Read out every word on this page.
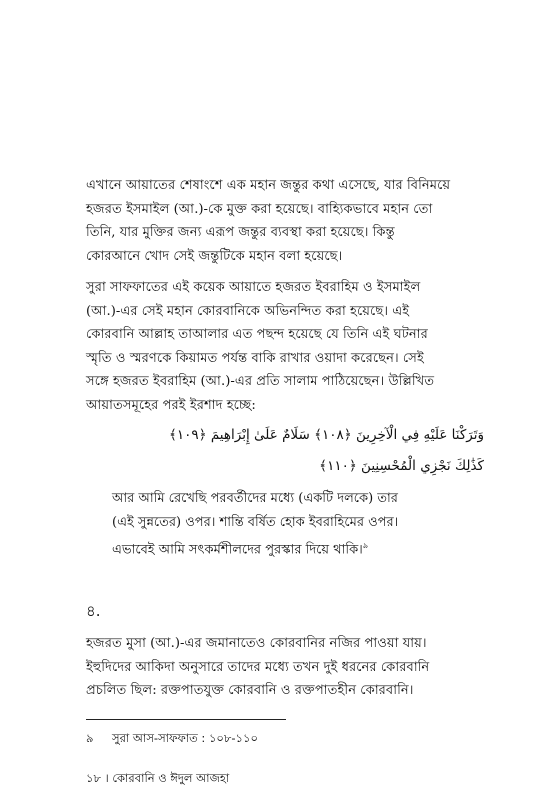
এখানে আয়াতের শেষাংশে এক মহান জন্তুর কথা এসেছে, যার বিনিময়ে
হজরত ইসমাইল (আ.)-কে মুক্ত করা হয়েছে। বাহ্যিকভাবে মহান তো
তিনি, যার মুক্তির জন্য এরূপ জন্তুর ব্যবস্থা করা হয়েছে। কিন্তু
কোরআনে খোদ সেই জন্তুটিকে মহান বলা হয়েছে।

সুরা সাফফাতের এই কয়েক আয়াতে হজরত ইবরাহিম ও ইসমাইল
(আ.)-এর সেই মহান কোরবানিকে অভিনন্দিত করা হয়েছে। এই
কোরবানি আল্লাহ তাআলার এত পছন্দ হয়েছে যে তিনি এই ঘটনার
স্মৃতি ও স্মরণকে কিয়ামত পর্যন্ত বাকি রাখার ওয়াদা করেছেন। সেই
সঙ্গে হজরত ইবরাহিম (আ.)-এর প্রতি সালাম পাঠিয়েছেন। উল্লিখিত
আয়াতসমূহের পরই ইরশাদ হচ্ছে:

وَتَرَكْنَا عَلَيْهِ فِي الْآخِرِينَ ﴿١٠٨﴾ سَلَامٌ عَلَىٰ إِبْرَاهِيمَ ﴿١٠٩﴾
كَذَٰلِكَ نَجْزِي الْمُحْسِنِينَ ﴿١١٠﴾
আর আমি রেখেছি পরবর্তীদের মধ্যে (একটি দলকে) তার
(এই সুন্নতের) ওপর। শান্তি বর্ষিত হোক ইবরাহিমের ওপর।
এভাবেই আমি সৎকর্মশীলদের পুরস্কার দিয়ে থাকি।$^৯$
৪.

হজরত মুসা (আ.)-এর জমানাতেও কোরবানির নজির পাওয়া যায়।
ইহুদিদের আকিদা অনুসারে তাদের মধ্যে তখন দুই ধরনের কোরবানি
প্রচলিত ছিল: রক্তপাতযুক্ত কোরবানি ও রক্তপাতহীন কোরবানি।

৯ সুরা আস-সাফফাত : ১০৮-১১০
১৮ । কোরবানি ও ঈদুল আজহা
